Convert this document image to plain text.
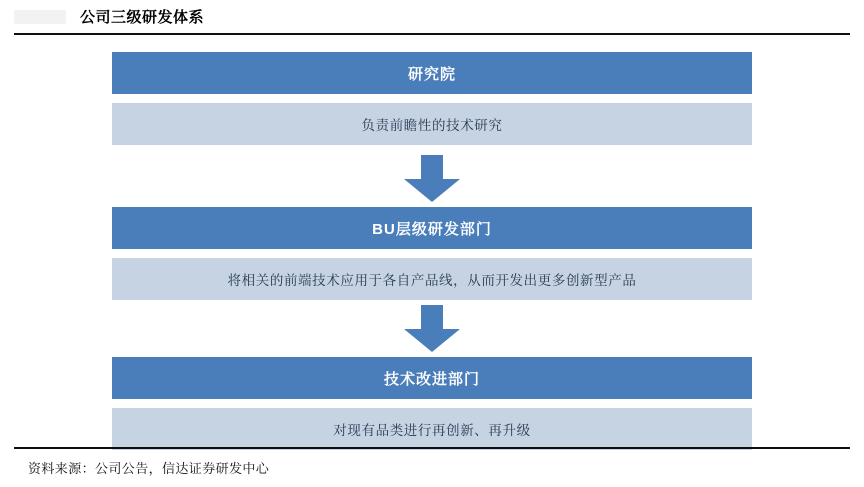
公司三级研发体系
研究院
负责前瞻性的技术研究
BU层级研发部门
将相关的前端技术应用于各自产品线，从而开发出更多创新型产品
技术改进部门
对现有品类进行再创新、再升级
资料来源：公司公告，信达证券研发中心
